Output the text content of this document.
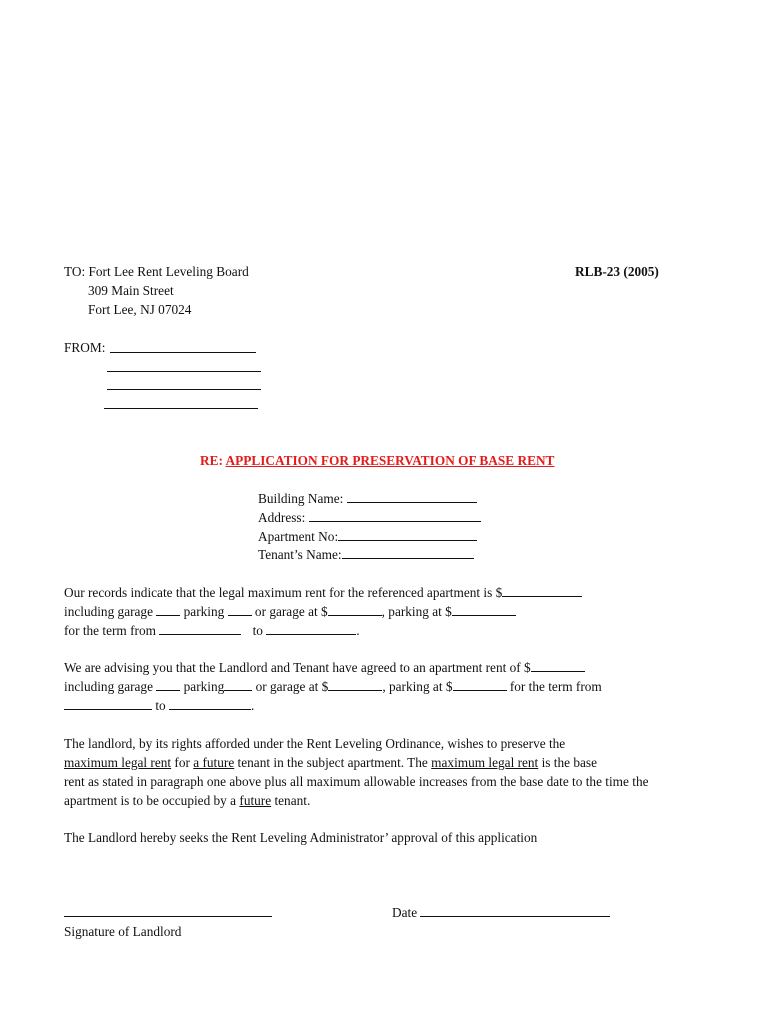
TO: Fort Lee Rent Leveling Board	RLB-23 (2005)
309 Main Street
Fort Lee, NJ 07024
FROM:
RE: APPLICATION FOR PRESERVATION OF BASE RENT
Building Name:
Address:
Apartment No:
Tenant’s Name:
Our records indicate that the legal maximum rent for the referenced apartment is $
including garage parking or garage at $	, parking at $
for the term from	to	.
We are advising you that the Landlord and Tenant have agreed to an apartment rent of $
including garage parking or garage at $	, parking at $	for the term from
to	.
The landlord, by its rights afforded under the Rent Leveling Ordinance, wishes to preserve the
maximum legal rent for a future tenant in the subject apartment. The maximum legal rent is the base
rent as stated in paragraph one above plus all maximum allowable increases from the base date to the time the
apartment is to be occupied by a future tenant.
The Landlord hereby seeks the Rent Leveling Administrator’ approval of this application
Date
Signature of Landlord
